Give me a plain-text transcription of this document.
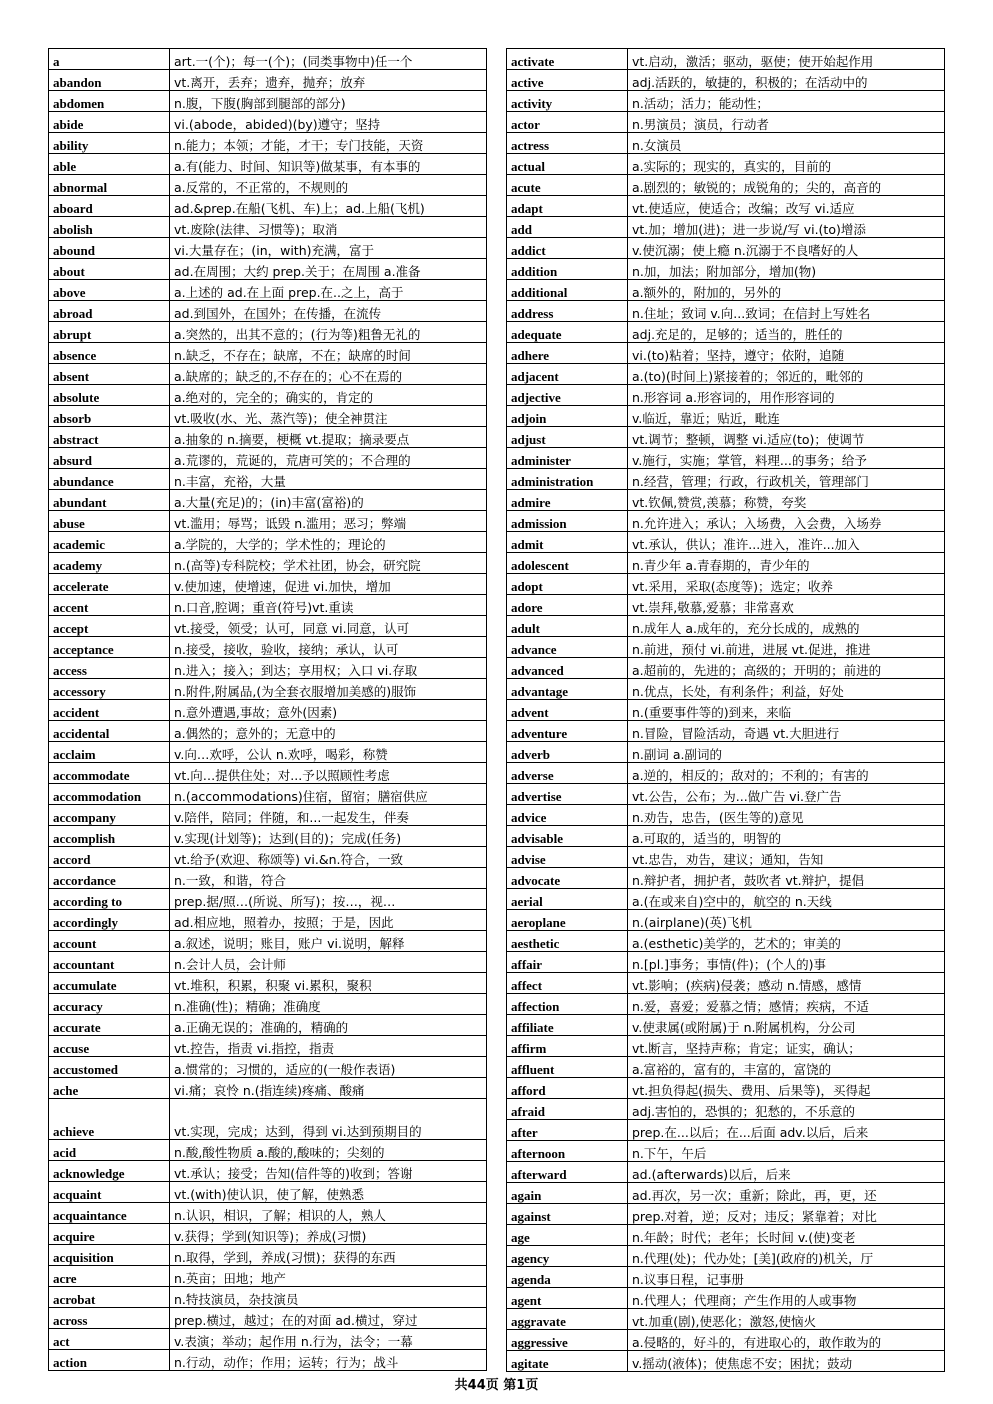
a	art.一(个)；每一(个)；(同类事物中)任一个
abandon	vt.离开，丢弃；遗弃，抛弃；放弃
abdomen	n.腹，下腹(胸部到腿部的部分)
abide	vi.(abode，abided)(by)遵守；坚持
ability	n.能力；本领；才能，才干；专门技能，天资
able	a.有(能力、时间、知识等)做某事，有本事的
abnormal	a.反常的，不正常的，不规则的
aboard	ad.&prep.在船(飞机、车)上；ad.上船(飞机)
abolish	vt.废除(法律、习惯等)；取消
abound	vi.大量存在；(in，with)充满，富于
about	ad.在周围；大约 prep.关于；在周围 a.准备
above	a.上述的 ad.在上面 prep.在..之上，高于
abroad	ad.到国外，在国外；在传播，在流传
abrupt	a.突然的，出其不意的；(行为等)粗鲁无礼的
absence	n.缺乏，不存在；缺席，不在；缺席的时间
absent	a.缺席的；缺乏的,不存在的；心不在焉的
absolute	a.绝对的，完全的；确实的，肯定的
absorb	vt.吸收(水、光、蒸汽等)；使全神贯注
abstract	a.抽象的 n.摘要，梗概 vt.提取；摘录要点
absurd	a.荒谬的，荒诞的，荒唐可笑的；不合理的
abundance	n.丰富，充裕，大量
abundant	a.大量(充足)的；(in)丰富(富裕)的
abuse	vt.滥用；辱骂；诋毁 n.滥用；恶习；弊端
academic	a.学院的，大学的；学术性的；理论的
academy	n.(高等)专科院校；学术社团，协会，研究院
accelerate	v.使加速，使增速，促进 vi.加快，增加
accent	n.口音,腔调；重音(符号)vt.重读
accept	vt.接受，领受；认可，同意 vi.同意，认可
acceptance	n.接受，接收，验收，接纳；承认，认可
access	n.进入；接入；到达；享用权；入口 vi.存取
accessory	n.附件,附属品,(为全套衣服增加美感的)服饰
accident	n.意外遭遇,事故；意外(因素)
accidental	a.偶然的；意外的；无意中的
acclaim	v.向…欢呼，公认 n.欢呼，喝彩，称赞
accommodate	vt.向…提供住处；对...予以照顾性考虑
accommodation	n.(accommodations)住宿，留宿；膳宿供应
accompany	v.陪伴，陪同；伴随，和...一起发生，伴奏
accomplish	v.实现(计划等)；达到(目的)；完成(任务)
accord	vt.给予(欢迎、称颂等) vi.&n.符合，一致
accordance	n.一致，和谐，符合
according to	prep.据/照…(所说、所写)；按…，视…
accordingly	ad.相应地，照着办，按照；于是，因此
account	a.叙述，说明；账目，账户 vi.说明，解释
accountant	n.会计人员，会计师
accumulate	vt.堆积，积累，积聚 vi.累积，聚积
accuracy	n.准确(性)；精确；准确度
accurate	a.正确无误的；准确的，精确的
accuse	vt.控告，指责 vi.指控，指责
accustomed	a.惯常的；习惯的，适应的(一般作表语)
ache	vi.痛；哀怜 n.(指连续)疼痛、酸痛
achieve	vt.实现，完成；达到，得到 vi.达到预期目的
acid	n.酸,酸性物质 a.酸的,酸味的；尖刻的
acknowledge	vt.承认；接受；告知(信件等的)收到；答谢
acquaint	vt.(with)使认识，使了解，使熟悉
acquaintance	n.认识，相识，了解；相识的人，熟人
acquire	v.获得；学到(知识等)；养成(习惯)
acquisition	n.取得，学到，养成(习惯)；获得的东西
acre	n.英亩；田地；地产
acrobat	n.特技演员，杂技演员
across	prep.横过，越过；在的对面 ad.横过，穿过
act	v.表演；举动；起作用 n.行为，法令；一幕
action	n.行动，动作；作用；运转；行为；战斗
activate	vt.启动，激活；驱动，驱使；使开始起作用
active	adj.活跃的，敏捷的，积极的；在活动中的
activity	n.活动；活力；能动性；
actor	n.男演员；演员，行动者
actress	n.女演员
actual	a.实际的；现实的，真实的，目前的
acute	a.剧烈的；敏锐的；成锐角的；尖的，高音的
adapt	vt.使适应，使适合；改编；改写 vi.适应
add	vt.加；增加(进)；进一步说/写 vi.(to)增添
addict	v.使沉溺；使上瘾 n.沉溺于不良嗜好的人
addition	n.加，加法；附加部分，增加(物)
additional	a.额外的，附加的，另外的
address	n.住址；致词 v.向...致词；在信封上写姓名
adequate	adj.充足的，足够的；适当的，胜任的
adhere	vi.(to)粘着；坚持，遵守；依附，追随
adjacent	a.(to)(时间上)紧接着的；邻近的，毗邻的
adjective	n.形容词 a.形容词的，用作形容词的
adjoin	v.临近，靠近；贴近，毗连
adjust	vt.调节；整顿，调整 vi.适应(to)；使调节
administer	v.施行，实施；掌管，料理...的事务；给予
administration	n.经营，管理；行政，行政机关，管理部门
admire	vt.钦佩,赞赏,羡慕；称赞，夸奖
admission	n.允许进入；承认；入场费，入会费，入场券
admit	vt.承认，供认；准许...进入，准许...加入
adolescent	n.青少年 a.青春期的，青少年的
adopt	vt.采用，采取(态度等)；选定；收养
adore	vt.崇拜,敬慕,爱慕；非常喜欢
adult	n.成年人 a.成年的，充分长成的，成熟的
advance	n.前进，预付 vi.前进，进展 vt.促进，推进
advanced	a.超前的，先进的；高级的；开明的；前进的
advantage	n.优点，长处，有利条件；利益，好处
advent	n.(重要事件等的)到来，来临
adventure	n.冒险，冒险活动，奇遇 vt.大胆进行
adverb	n.副词 a.副词的
adverse	a.逆的，相反的；敌对的；不利的；有害的
advertise	vt.公告，公布；为...做广告 vi.登广告
advice	n.劝告，忠告，(医生等的)意见
advisable	a.可取的，适当的，明智的
advise	vt.忠告，劝告，建议；通知，告知
advocate	n.辩护者，拥护者，鼓吹者 vt.辩护，提倡
aerial	a.(在或来自)空中的，航空的 n.天线
aeroplane	n.(airplane)(英)飞机
aesthetic	a.(esthetic)美学的，艺术的；审美的
affair	n.[pl.]事务；事情(件)；(个人的)事
affect	vt.影响；(疾病)侵袭；感动 n.情感，感情
affection	n.爱，喜爱；爱慕之情；感情；疾病，不适
affiliate	v.使隶属(或附属)于 n.附属机构，分公司
affirm	vt.断言，坚持声称；肯定；证实，确认；
affluent	a.富裕的，富有的，丰富的，富饶的
afford	vt.担负得起(损失、费用、后果等)，买得起
afraid	adj.害怕的，恐惧的；犯愁的，不乐意的
after	prep.在...以后；在...后面 adv.以后，后来
afternoon	n.下午，午后
afterward	ad.(afterwards)以后，后来
again	ad.再次，另一次；重新；除此，再，更，还
against	prep.对着，逆；反对；违反；紧靠着；对比
age	n.年龄；时代；老年；长时间 v.(使)变老
agency	n.代理(处)；代办处；[美](政府的)机关，厅
agenda	n.议事日程，记事册
agent	n.代理人；代理商；产生作用的人或事物
aggravate	vt.加重(剧),使恶化；激怒,使恼火
aggressive	a.侵略的，好斗的，有进取心的，敢作敢为的
agitate	v.摇动(液体)；使焦虑不安；困扰；鼓动
共44页 第1页
